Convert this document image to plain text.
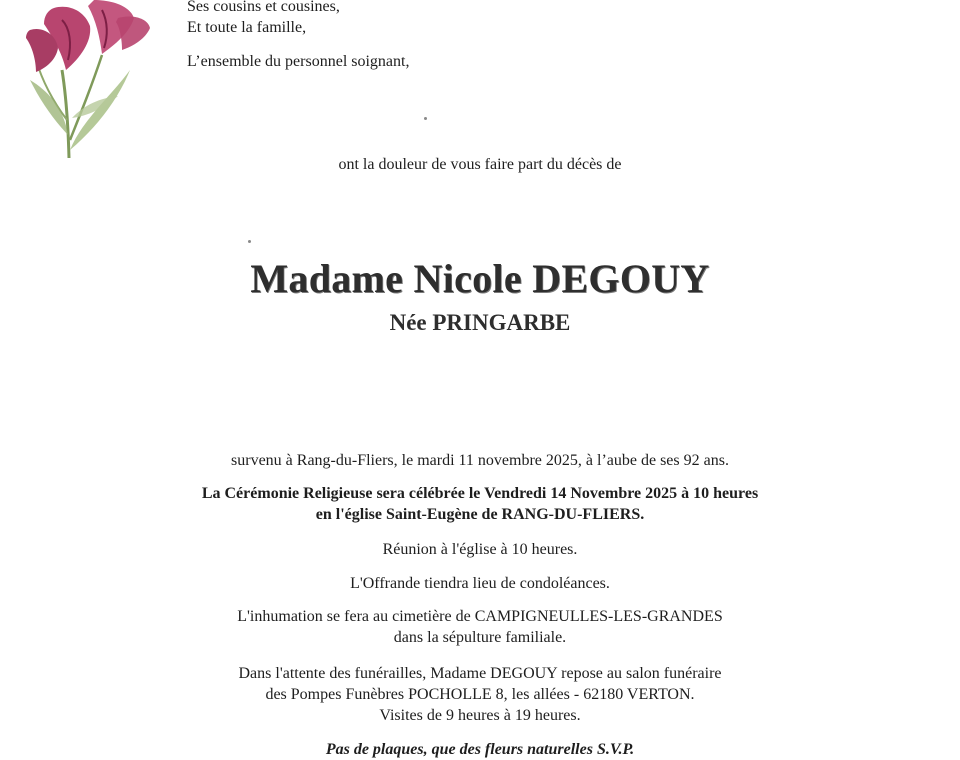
Ses cousins et cousines,

Et toute la famille,

L’ensemble du personnel soignant,

ont la douleur de vous faire part du décès de

Madame Nicole DEGOUY

Née PRINGARBE

survenu à Rang-du-Fliers, le mardi 11 novembre 2025, à l’aube de ses 92 ans.

La Cérémonie Religieuse sera célébrée le Vendredi 14 Novembre 2025 à 10 heures

en l'église Saint-Eugène de RANG-DU-FLIERS.

Réunion à l'église à 10 heures.

L'Offrande tiendra lieu de condoléances.

L'inhumation se fera au cimetière de CAMPIGNEULLES-LES-GRANDES

dans la sépulture familiale.

Dans l'attente des funérailles, Madame DEGOUY repose au salon funéraire

des Pompes Funèbres POCHOLLE 8, les allées - 62180 VERTON.

Visites de 9 heures à 19 heures.

Pas de plaques, que des fleurs naturelles S.V.P.
